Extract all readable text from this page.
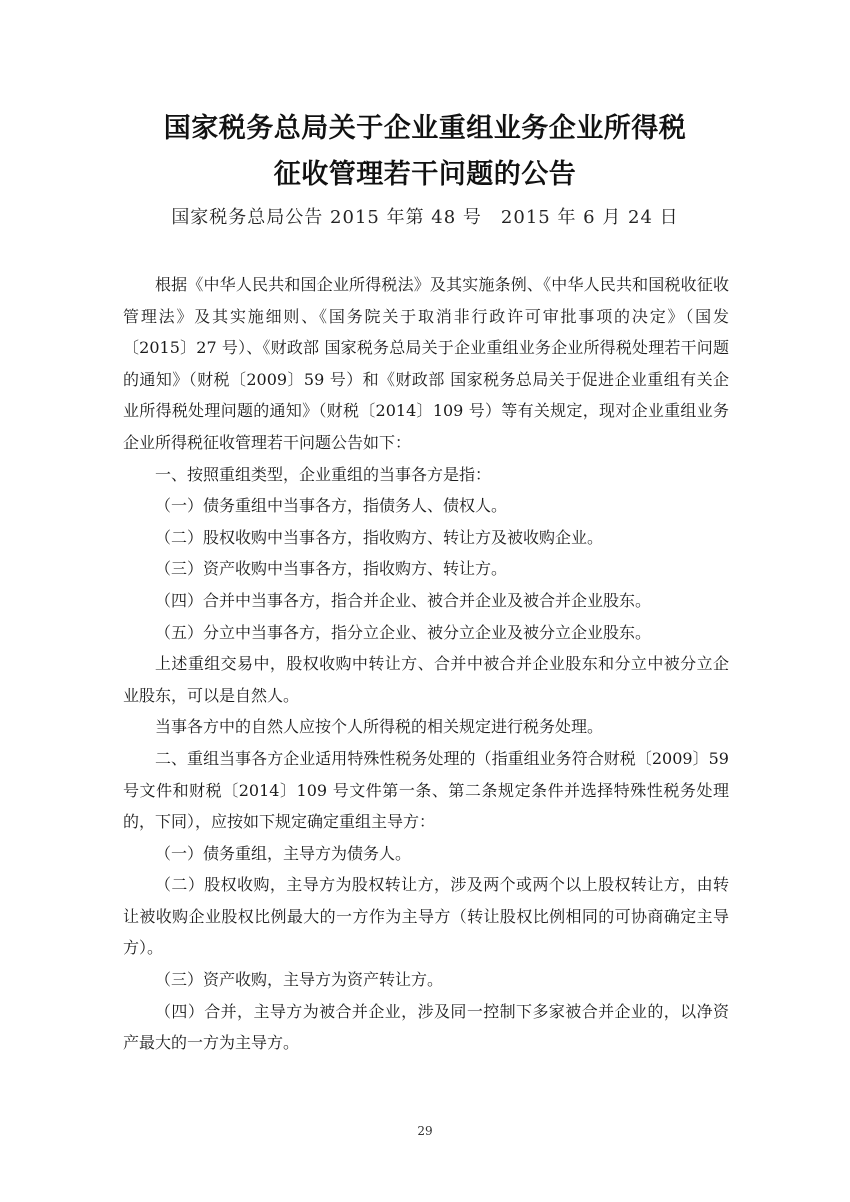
国家税务总局关于企业重组业务企业所得税
征收管理若干问题的公告
国家税务总局公告 2015 年第 48 号　2015 年 6 月 24 日

根据《中华人民共和国企业所得税法》及其实施条例、《中华人民共和国税收征收管理法》及其实施细则、《国务院关于取消非行政许可审批事项的决定》（国发〔2015〕27 号）、《财政部 国家税务总局关于企业重组业务企业所得税处理若干问题的通知》（财税〔2009〕59 号）和《财政部 国家税务总局关于促进企业重组有关企业所得税处理问题的通知》（财税〔2014〕109 号）等有关规定，现对企业重组业务企业所得税征收管理若干问题公告如下：

一、按照重组类型，企业重组的当事各方是指：

（一）债务重组中当事各方，指债务人、债权人。

（二）股权收购中当事各方，指收购方、转让方及被收购企业。

（三）资产收购中当事各方，指收购方、转让方。

（四）合并中当事各方，指合并企业、被合并企业及被合并企业股东。

（五）分立中当事各方，指分立企业、被分立企业及被分立企业股东。

上述重组交易中，股权收购中转让方、合并中被合并企业股东和分立中被分立企业股东，可以是自然人。

当事各方中的自然人应按个人所得税的相关规定进行税务处理。

二、重组当事各方企业适用特殊性税务处理的（指重组业务符合财税〔2009〕59 号文件和财税〔2014〕109 号文件第一条、第二条规定条件并选择特殊性税务处理的，下同），应按如下规定确定重组主导方：

（一）债务重组，主导方为债务人。

（二）股权收购，主导方为股权转让方，涉及两个或两个以上股权转让方，由转让被收购企业股权比例最大的一方作为主导方（转让股权比例相同的可协商确定主导方）。

（三）资产收购，主导方为资产转让方。

（四）合并，主导方为被合并企业，涉及同一控制下多家被合并企业的，以净资产最大的一方为主导方。

29
